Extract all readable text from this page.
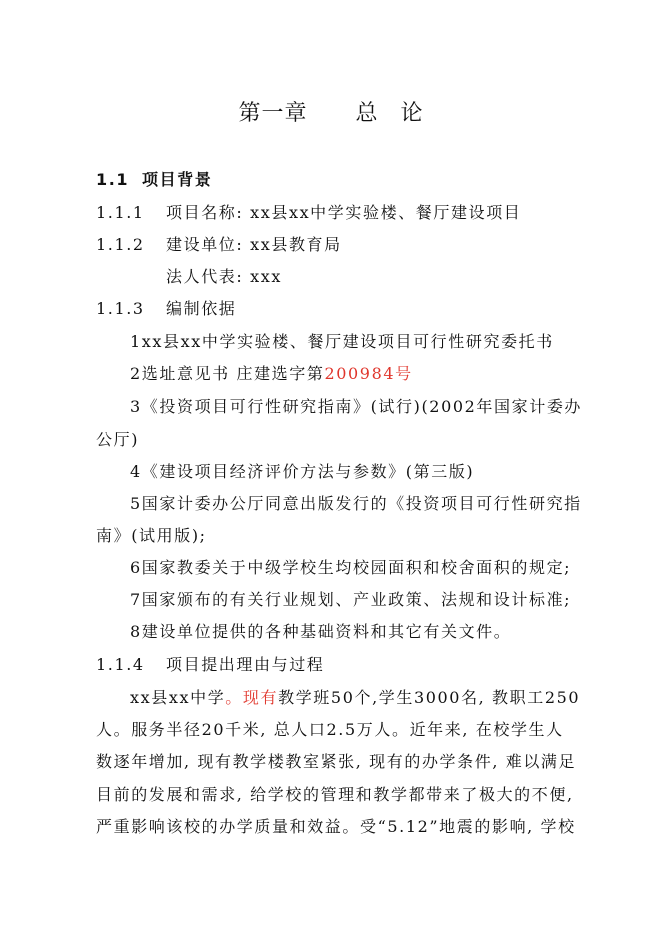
第一章 总 论
1.1 项目背景
1.1.1 项目名称: xx县xx中学实验楼、餐厅建设项目
1.1.2 建设单位: xx县教育局
法人代表: xxx
1.1.3 编制依据
1xx县xx中学实验楼、餐厅建设项目可行性研究委托书
2选址意见书 庄建选字第200984号
3《投资项目可行性研究指南》(试行)(2002年国家计委办
公厅)
4《建设项目经济评价方法与参数》(第三版)
5国家计委办公厅同意出版发行的《投资项目可行性研究指
南》(试用版);
6国家教委关于中级学校生均校园面积和校舍面积的规定;
7国家颁布的有关行业规划、产业政策、法规和设计标准;
8建设单位提供的各种基础资料和其它有关文件。
1.1.4 项目提出理由与过程
xx县xx中学。现有教学班50个,学生3000名, 教职工250
人。服务半径20千米, 总人口2.5万人。近年来, 在校学生人
数逐年增加, 现有教学楼教室紧张, 现有的办学条件, 难以满足
目前的发展和需求, 给学校的管理和教学都带来了极大的不便,
严重影响该校的办学质量和效益。受“5.12”地震的影响, 学校
